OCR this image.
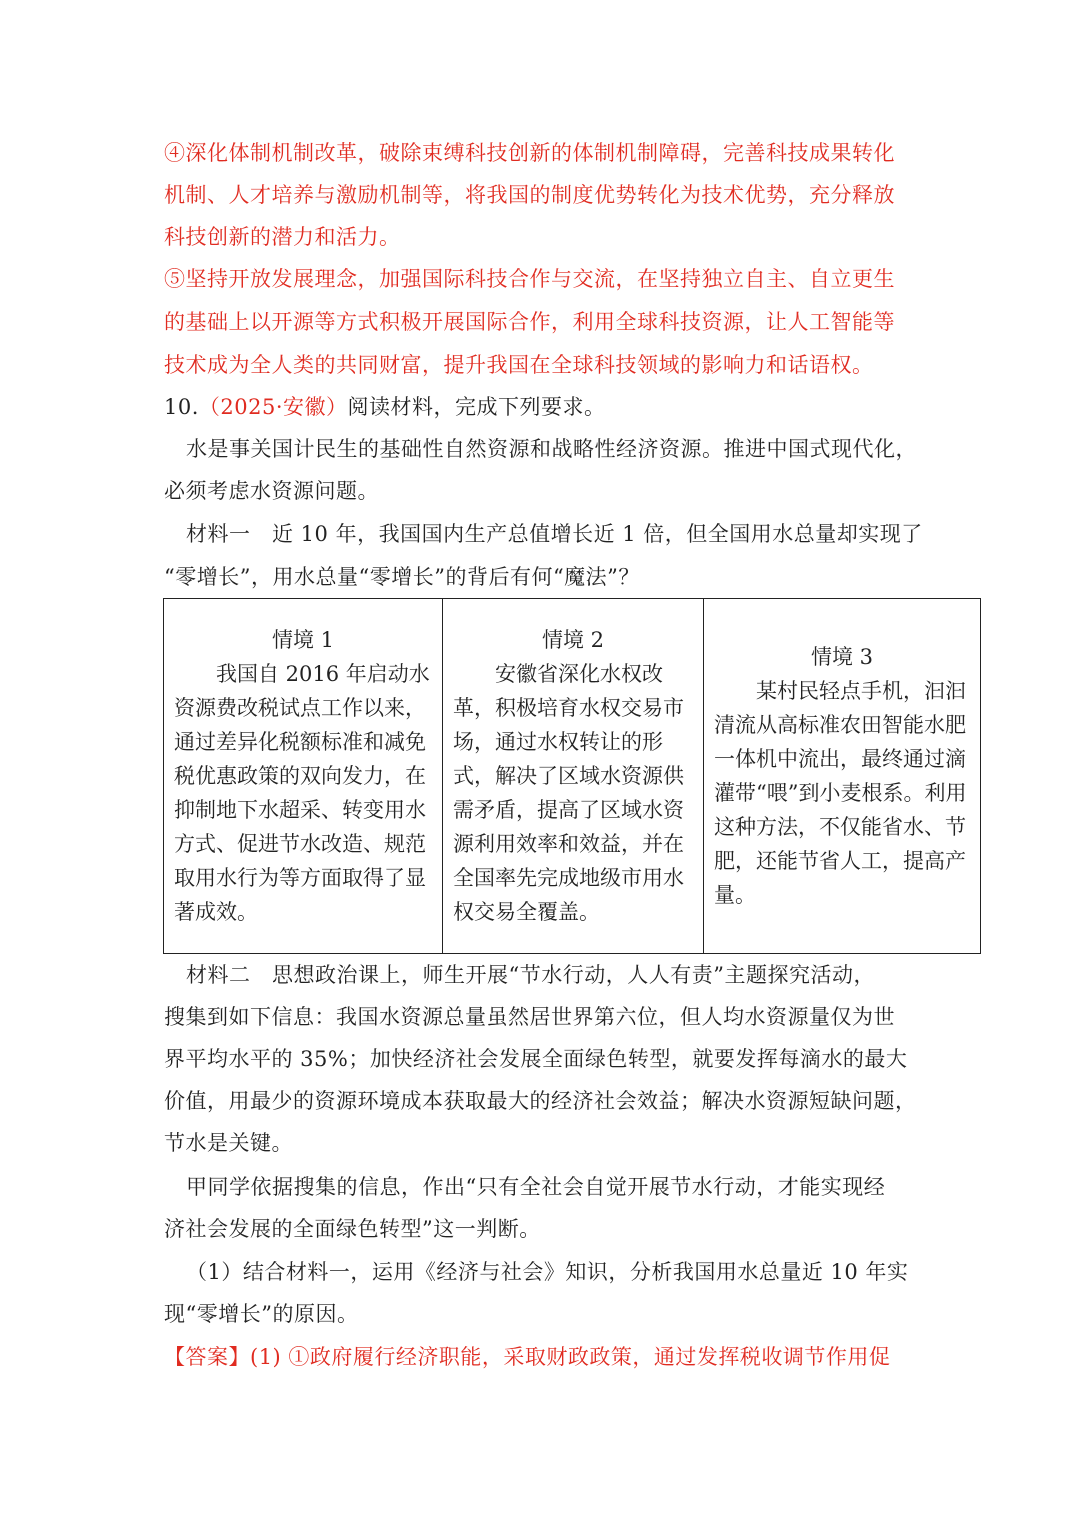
④深化体制机制改革，破除束缚科技创新的体制机制障碍，完善科技成果转化
机制、人才培养与激励机制等，将我国的制度优势转化为技术优势，充分释放
科技创新的潜力和活力。
⑤坚持开放发展理念，加强国际科技合作与交流，在坚持独立自主、自立更生
的基础上以开源等方式积极开展国际合作，利用全球科技资源，让人工智能等
技术成为全人类的共同财富，提升我国在全球科技领域的影响力和话语权。
10.（2025·安徽）阅读材料，完成下列要求。
水是事关国计民生的基础性自然资源和战略性经济资源。推进中国式现代化，
必须考虑水资源问题。
材料一　近 10 年，我国国内生产总值增长近 1 倍，但全国用水总量却实现了
“零增长”，用水总量“零增长”的背后有何“魔法”？
情境 1
　　我国自 2016 年启动水资源费改税试点工作以来，通过差异化税额标准和减免税优惠政策的双向发力，在抑制地下水超采、转变用水方式、促进节水改造、规范取用水行为等方面取得了显著成效。

情境 2
　　安徽省深化水权改革，积极培育水权交易市场，通过水权转让的形式，解决了区域水资源供需矛盾，提高了区域水资源利用效率和效益，并在全国率先完成地级市用水权交易全覆盖。

情境 3
　　某村民轻点手机，汩汩清流从高标准农田智能水肥一体机中流出，最终通过滴灌带“喂”到小麦根系。利用这种方法，不仅能省水、节肥，还能节省人工，提高产量。
材料二　思想政治课上，师生开展“节水行动，人人有责”主题探究活动，
搜集到如下信息：我国水资源总量虽然居世界第六位，但人均水资源量仅为世
界平均水平的 35%；加快经济社会发展全面绿色转型，就要发挥每滴水的最大
价值，用最少的资源环境成本获取最大的经济社会效益；解决水资源短缺问题，
节水是关键。
甲同学依据搜集的信息，作出“只有全社会自觉开展节水行动，才能实现经
济社会发展的全面绿色转型”这一判断。
（1）结合材料一，运用《经济与社会》知识，分析我国用水总量近 10 年实
现“零增长”的原因。
【答案】(1) ①政府履行经济职能，采取财政政策，通过发挥税收调节作用促
